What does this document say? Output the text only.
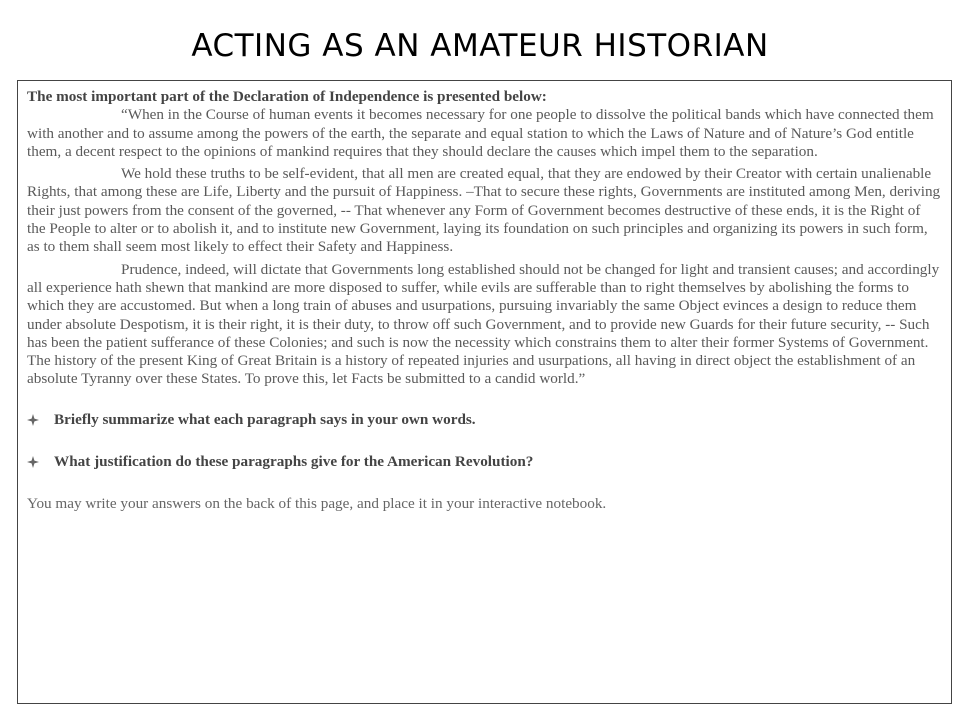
ACTING AS AN AMATEUR HISTORIAN

The most important part of the Declaration of Independence is presented below:

“When in the Course of human events it becomes necessary for one people to dissolve the political bands which have connected them with another and to assume among the powers of the earth, the separate and equal station to which the Laws of Nature and of Nature’s God entitle them, a decent respect to the opinions of mankind requires that they should declare the causes which impel them to the separation.

We hold these truths to be self-evident, that all men are created equal, that they are endowed by their Creator with certain unalienable Rights, that among these are Life, Liberty and the pursuit of Happiness. –That to secure these rights, Governments are instituted among Men, deriving their just powers from the consent of the governed, -- That whenever any Form of Government becomes destructive of these ends, it is the Right of the People to alter or to abolish it, and to institute new Government, laying its foundation on such principles and organizing its powers in such form, as to them shall seem most likely to effect their Safety and Happiness.

Prudence, indeed, will dictate that Governments long established should not be changed for light and transient causes; and accordingly all experience hath shewn that mankind are more disposed to suffer, while evils are sufferable than to right themselves by abolishing the forms to which they are accustomed. But when a long train of abuses and usurpations, pursuing invariably the same Object evinces a design to reduce them under absolute Despotism, it is their right, it is their duty, to throw off such Government, and to provide new Guards for their future security, -- Such has been the patient sufferance of these Colonies; and such is now the necessity which constrains them to alter their former Systems of Government. The history of the present King of Great Britain is a history of repeated injuries and usurpations, all having in direct object the establishment of an absolute Tyranny over these States. To prove this, let Facts be submitted to a candid world.”

Briefly summarize what each paragraph says in your own words.
What justification do these paragraphs give for the American Revolution?

You may write your answers on the back of this page, and place it in your interactive notebook.
